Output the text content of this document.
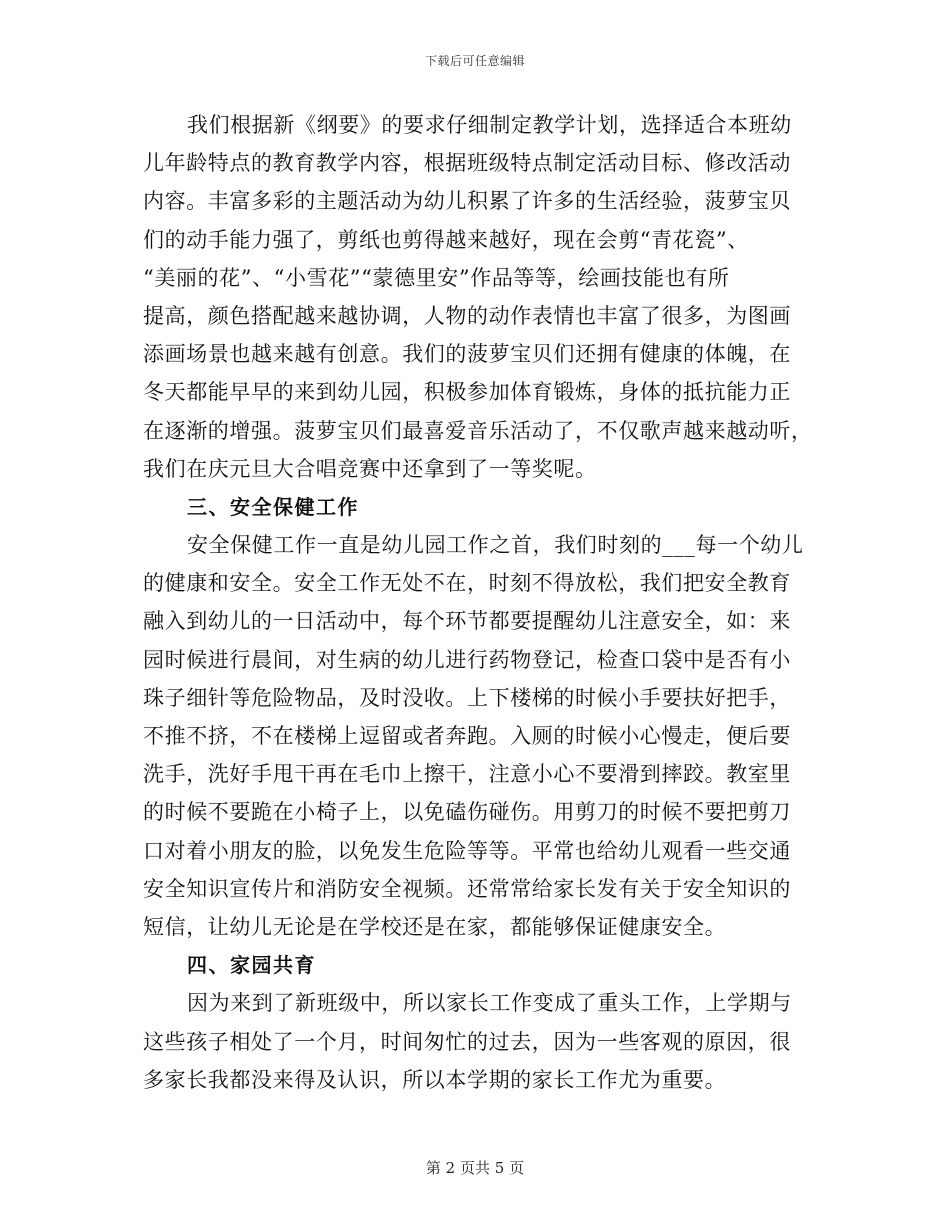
下载后可任意编辑
我们根据新《纲要》的要求仔细制定教学计划，选择适合本班幼
儿年龄特点的教育教学内容，根据班级特点制定活动目标、修改活动
内容。丰富多彩的主题活动为幼儿积累了许多的生活经验，菠萝宝贝
们的动手能力强了，剪纸也剪得越来越好，现在会剪“青花瓷”、
“美丽的花”、“小雪花”“蒙德里安”作品等等，绘画技能也有所
提高，颜色搭配越来越协调，人物的动作表情也丰富了很多，为图画
添画场景也越来越有创意。我们的菠萝宝贝们还拥有健康的体魄，在
冬天都能早早的来到幼儿园，积极参加体育锻炼，身体的抵抗能力正
在逐渐的增强。菠萝宝贝们最喜爱音乐活动了，不仅歌声越来越动听，
我们在庆元旦大合唱竞赛中还拿到了一等奖呢。
三、安全保健工作
安全保健工作一直是幼儿园工作之首，我们时刻的___每一个幼儿
的健康和安全。安全工作无处不在，时刻不得放松，我们把安全教育
融入到幼儿的一日活动中，每个环节都要提醒幼儿注意安全，如：来
园时候进行晨间，对生病的幼儿进行药物登记，检查口袋中是否有小
珠子细针等危险物品，及时没收。上下楼梯的时候小手要扶好把手，
不推不挤，不在楼梯上逗留或者奔跑。入厕的时候小心慢走，便后要
洗手，洗好手甩干再在毛巾上擦干，注意小心不要滑到摔跤。教室里
的时候不要跪在小椅子上，以免磕伤碰伤。用剪刀的时候不要把剪刀
口对着小朋友的脸，以免发生危险等等。平常也给幼儿观看一些交通
安全知识宣传片和消防安全视频。还常常给家长发有关于安全知识的
短信，让幼儿无论是在学校还是在家，都能够保证健康安全。
四、家园共育
因为来到了新班级中，所以家长工作变成了重头工作，上学期与
这些孩子相处了一个月，时间匆忙的过去，因为一些客观的原因，很
多家长我都没来得及认识，所以本学期的家长工作尤为重要。
第 2 页共 5 页
